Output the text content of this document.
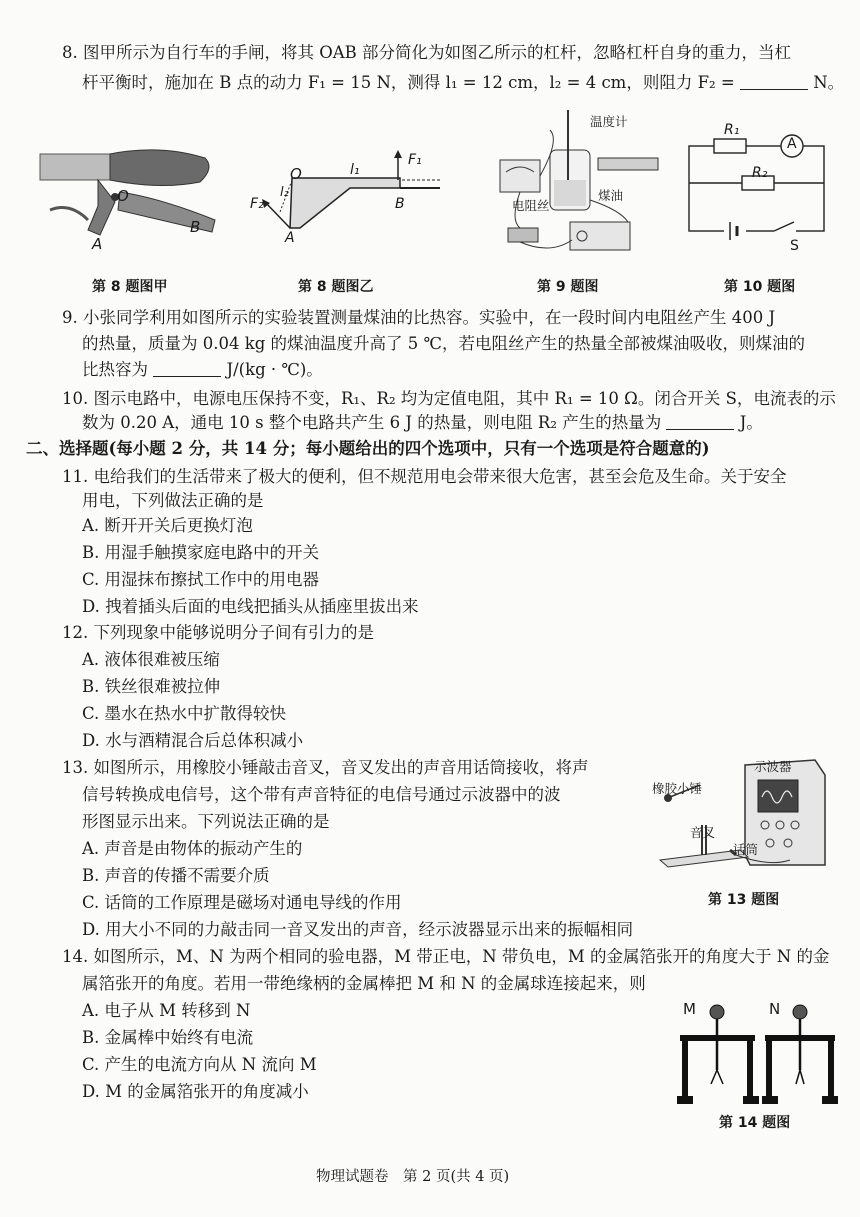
8. 图甲所示为自行车的手闸，将其 OAB 部分简化为如图乙所示的杠杆，忽略杠杆自身的重力，当杠
杆平衡时，施加在 B 点的动力 F₁ = 15 N，测得 l₁ = 12 cm，l₂ = 4 cm，则阻力 F₂ =	N。
O
A
B
第 8 题图甲
O	l₁
l₂
F₁
F₂
A
B
第 8 题图乙
温度计
煤油
电阻丝
第 9 题图
R₁
R₂
A
S
第 10 题图
9. 小张同学利用如图所示的实验装置测量煤油的比热容。实验中，在一段时间内电阻丝产生 400 J
的热量，质量为 0.04 kg 的煤油温度升高了 5 ℃，若电阻丝产生的热量全部被煤油吸收，则煤油的
比热容为	J/(kg · ℃)。
10. 图示电路中，电源电压保持不变，R₁、R₂ 均为定值电阻，其中 R₁ = 10 Ω。闭合开关 S，电流表的示
数为 0.20 A，通电 10 s 整个电路共产生 6 J 的热量，则电阻 R₂ 产生的热量为	J。
二、选择题(每小题 2 分，共 14 分；每小题给出的四个选项中，只有一个选项是符合题意的)
11. 电给我们的生活带来了极大的便利，但不规范用电会带来很大危害，甚至会危及生命。关于安全
用电，下列做法正确的是
A. 断开开关后更换灯泡
B. 用湿手触摸家庭电路中的开关
C. 用湿抹布擦拭工作中的用电器
D. 拽着插头后面的电线把插头从插座里拔出来
12. 下列现象中能够说明分子间有引力的是
A. 液体很难被压缩
B. 铁丝很难被拉伸
C. 墨水在热水中扩散得较快
D. 水与酒精混合后总体积减小
13. 如图所示，用橡胶小锤敲击音叉，音叉发出的声音用话筒接收，将声
信号转换成电信号，这个带有声音特征的电信号通过示波器中的波
形图显示出来。下列说法正确的是
A. 声音是由物体的振动产生的
B. 声音的传播不需要介质
C. 话筒的工作原理是磁场对通电导线的作用
D. 用大小不同的力敲击同一音叉发出的声音，经示波器显示出来的振幅相同
示波器
橡胶小锤
音叉
话筒
第 13 题图
14. 如图所示，M、N 为两个相同的验电器，M 带正电，N 带负电，M 的金属箔张开的角度大于 N 的金
属箔张开的角度。若用一带绝缘柄的金属棒把 M 和 N 的金属球连接起来，则
A. 电子从 M 转移到 N
B. 金属棒中始终有电流
C. 产生的电流方向从 N 流向 M
D. M 的金属箔张开的角度减小
M	N
第 14 题图
物理试题卷　第 2 页(共 4 页)
